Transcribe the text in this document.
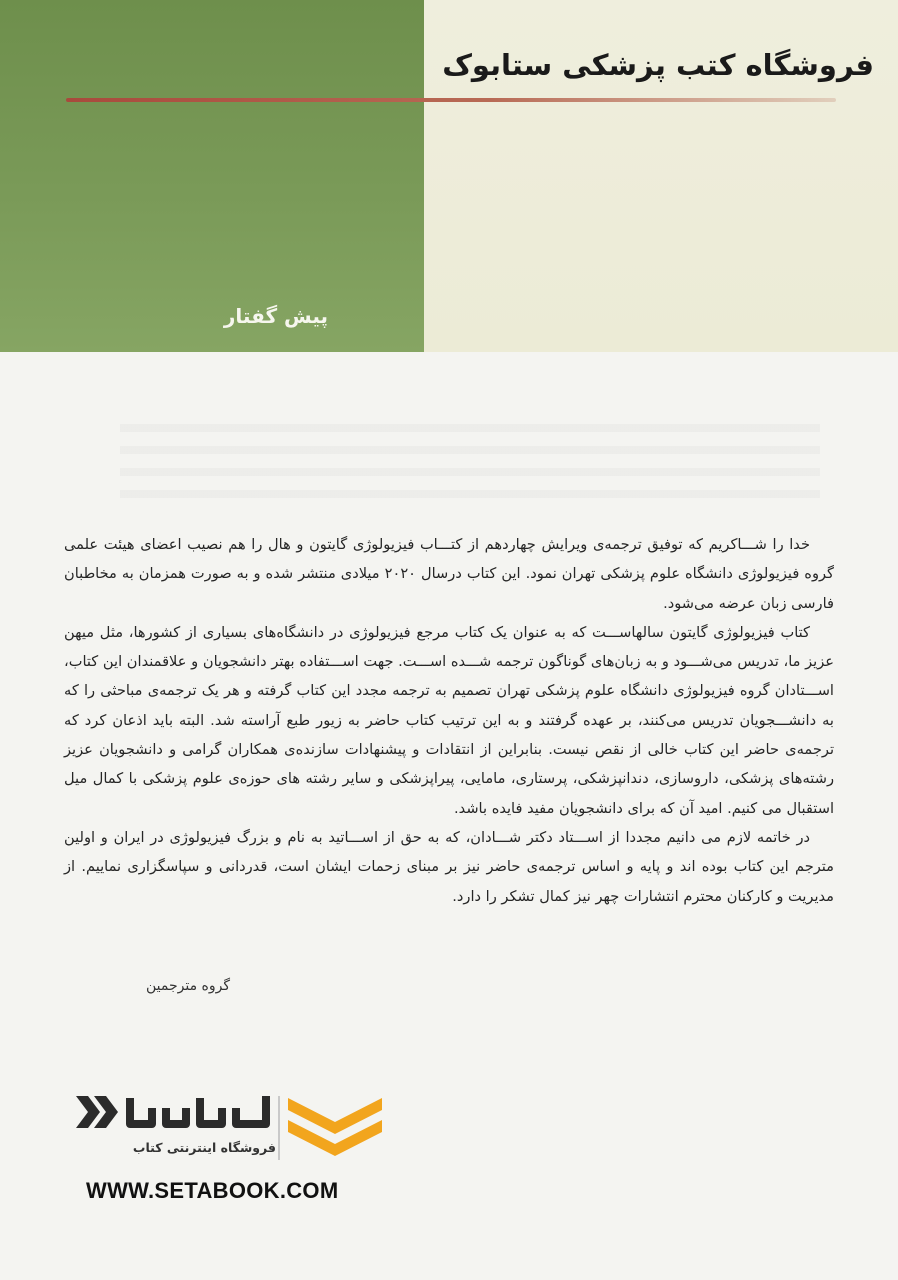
فروشگاه کتب پزشکی ستابوک
پیش گفتار

خدا را شـــاکریم که توفیق ترجمه‌ی ویرایش چهاردهم از کتـــاب فیزیولوژی گایتون و هال را هم نصیب اعضای هیئت علمی گروه فیزیولوژی دانشگاه علوم پزشکی تهران نمود. این کتاب درسال ۲۰۲۰ میلادی منتشر شده و به صورت همزمان به مخاطبان فارسی زبان عرضه می‌شود.

کتاب فیزیولوژی گایتون سالهاســـت که به عنوان یک کتاب مرجع فیزیولوژی در دانشگاه‌های بسیاری از کشورها، مثل میهن عزیز ما، تدریس می‌شـــود و به زبان‌های گوناگون ترجمه شـــده اســـت. جهت اســـتفاده بهتر دانشجویان و علاقمندان این کتاب، اســـتادان گروه فیزیولوژی دانشگاه علوم پزشکی تهران تصمیم به ترجمه مجدد این کتاب گرفته و هر یک ترجمه‌ی مباحثی را که به دانشـــجویان تدریس می‌کنند، بر عهده گرفتند و به این ترتیب کتاب حاضر به زیور طبع آراسته شد. البته باید اذعان کرد که ترجمه‌ی حاضر این کتاب خالی از نقص نیست. بنابراین از انتقادات و پیشنهادات سازنده‌ی همکاران گرامی و دانشجویان عزیز رشته‌های پزشکی، داروسازی، دندانپزشکی، پرستاری، مامایی، پیراپزشکی و سایر رشته های حوزه‌ی علوم پزشکی با کمال میل استقبال می کنیم. امید آن که برای دانشجویان مفید فایده باشد.

در خاتمه لازم می دانیم مجددا از اســـتاد دکتر شـــادان، که به حق از اســـاتید به نام و بزرگ فیزیولوژی در ایران و اولین مترجم این کتاب بوده اند و پایه و اساس ترجمه‌ی حاضر نیز بر مبنای زحمات ایشان است، قدردانی و سپاسگزاری نماییم. از مدیریت و کارکنان محترم انتشارات چهر نیز کمال تشکر را دارد.

گروه مترجمین
فروشگاه اینترنتی کتاب
WWW.SETABOOK.COM
